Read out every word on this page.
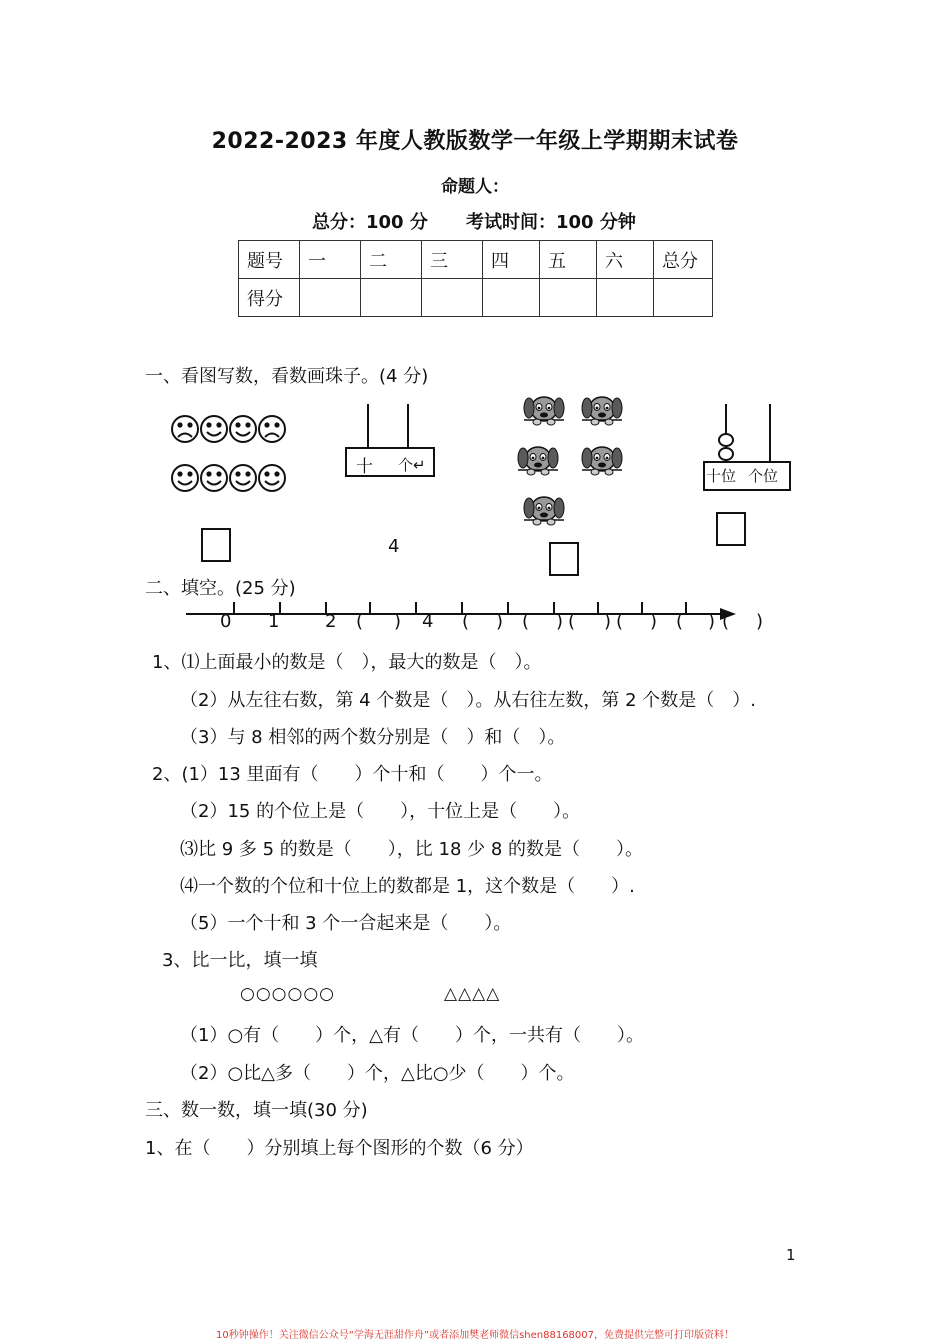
2022-2023 年度人教版数学一年级上学期期末试卷
命题人：
总分：100 分 考试时间：100 分钟
题号	一	二	三	四	五	六	总分
得分							
一、看图写数，看数画珠子。(4 分)
十 个↵
4
十位 个位
二、填空。(25 分)
0 1	2 ( ) 4 ( ) ( ) ( ) ( ) ( ) ( )
1、⑴上面最小的数是（　），最大的数是（　）。
（2）从左往右数，第 4 个数是（　）。从右往左数，第 2 个数是（　）.
（3）与 8 相邻的两个数分别是（　）和（　）。
2、(1）13 里面有（　　）个十和（　　）个一。
（2）15 的个位上是（　　），十位上是（　　）。
⑶比 9 多 5 的数是（　　），比 18 少 8 的数是（　　）。
⑷一个数的个位和十位上的数都是 1，这个数是（　　）.
（5）一个十和 3 个一合起来是（　　）。
3、比一比，填一填
○○○○○○	△△△△
（1）○有（　　）个，△有（　　）个，一共有（　　）。
（2）○比△多（　　）个，△比○少（　　）个。
三、数一数，填一填(30 分)
1、在（　　）分别填上每个图形的个数（6 分）
1
10秒钟操作！关注微信公众号“学海无涯甜作舟”或者添加樊老师微信shen88168007，免费提供完整可打印版资料！
